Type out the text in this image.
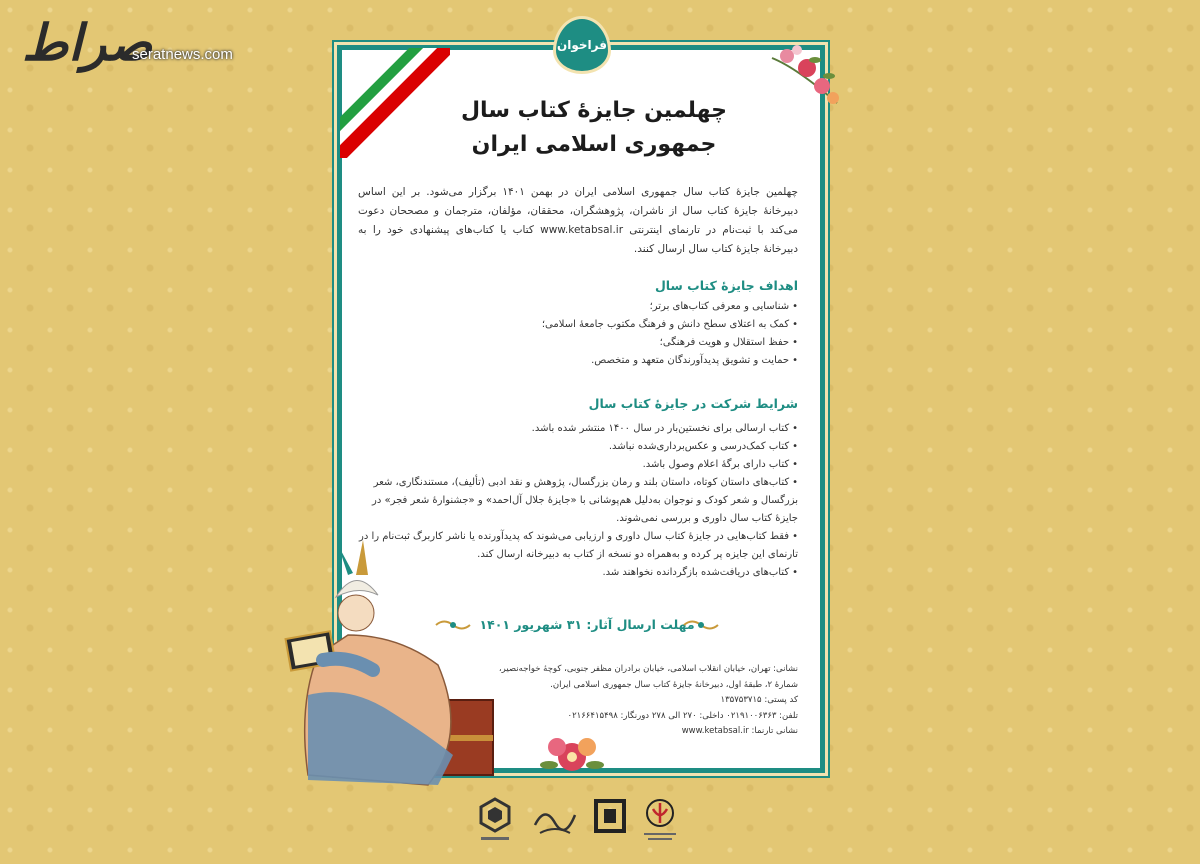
صراط
seratnews.com
فراخوان
چهلمین جایزهٔ کتاب سال
جمهوری اسلامی ایران
چهلمین جایزهٔ کتاب سال جمهوری اسلامی ایران در بهمن ۱۴۰۱ برگزار می‌شود. بر این اساس دبیرخانهٔ جایزهٔ کتاب سال از ناشران، پژوهشگران، محققان، مؤلفان، مترجمان و مصححان دعوت می‌کند با ثبت‌نام در تارنمای اینترنتی www.ketabsal.ir کتاب یا کتاب‌های پیشنهادی خود را به دبیرخانهٔ جایزهٔ کتاب سال ارسال کنند.
اهداف جایزهٔ کتاب سال
• شناسایی و معرفی کتاب‌های برتر؛
• کمک به اعتلای سطح دانش و فرهنگ مکتوب جامعهٔ اسلامی؛
• حفظ استقلال و هویت فرهنگی؛
• حمایت و تشویق پدیدآورندگان متعهد و متخصص.
شرایط شرکت در جایزهٔ کتاب سال
• کتاب ارسالی برای نخستین‌بار در سال ۱۴۰۰ منتشر شده باشد.
• کتاب کمک‌درسی و عکس‌برداری‌شده نباشد.
• کتاب دارای برگهٔ اعلام وصول باشد.
• کتاب‌های داستان کوتاه، داستان بلند و رمان بزرگسال، پژوهش و نقد ادبی (تألیف)، مستندنگاری، شعر بزرگسال و شعر کودک و نوجوان به‌دلیل هم‌پوشانی با «جایزهٔ جلال آل‌احمد» و «جشنوارهٔ شعر فجر» در جایزهٔ کتاب سال داوری و بررسی نمی‌شوند.
• فقط کتاب‌هایی در جایزهٔ کتاب سال داوری و ارزیابی می‌شوند که پدیدآورنده یا ناشر کاربرگ ثبت‌نام را در تارنمای این جایزه پر کرده و به‌همراه دو نسخه از کتاب به دبیرخانه ارسال کند.
• کتاب‌های دریافت‌شده بازگردانده نخواهند شد.
مهلت ارسال آثار: ۳۱ شهریور ۱۴۰۱
نشانی: تهران، خیابان انقلاب اسلامی، خیابان برادران مظفر جنوبی، کوچهٔ خواجه‌نصیر،
شمارهٔ ۲، طبقهٔ اول، دبیرخانهٔ جایزهٔ کتاب سال جمهوری اسلامی ایران.
کد پستی: ۱۳۵۷۵۳۷۱۵
تلفن: ۰۲۱۹۱۰۰۶۳۶۳ داخلی: ۲۷۰ الی ۲۷۸ دورنگار: ۰۲۱۶۶۴۱۵۴۹۸
نشانی تارنما: www.ketabsal.ir
